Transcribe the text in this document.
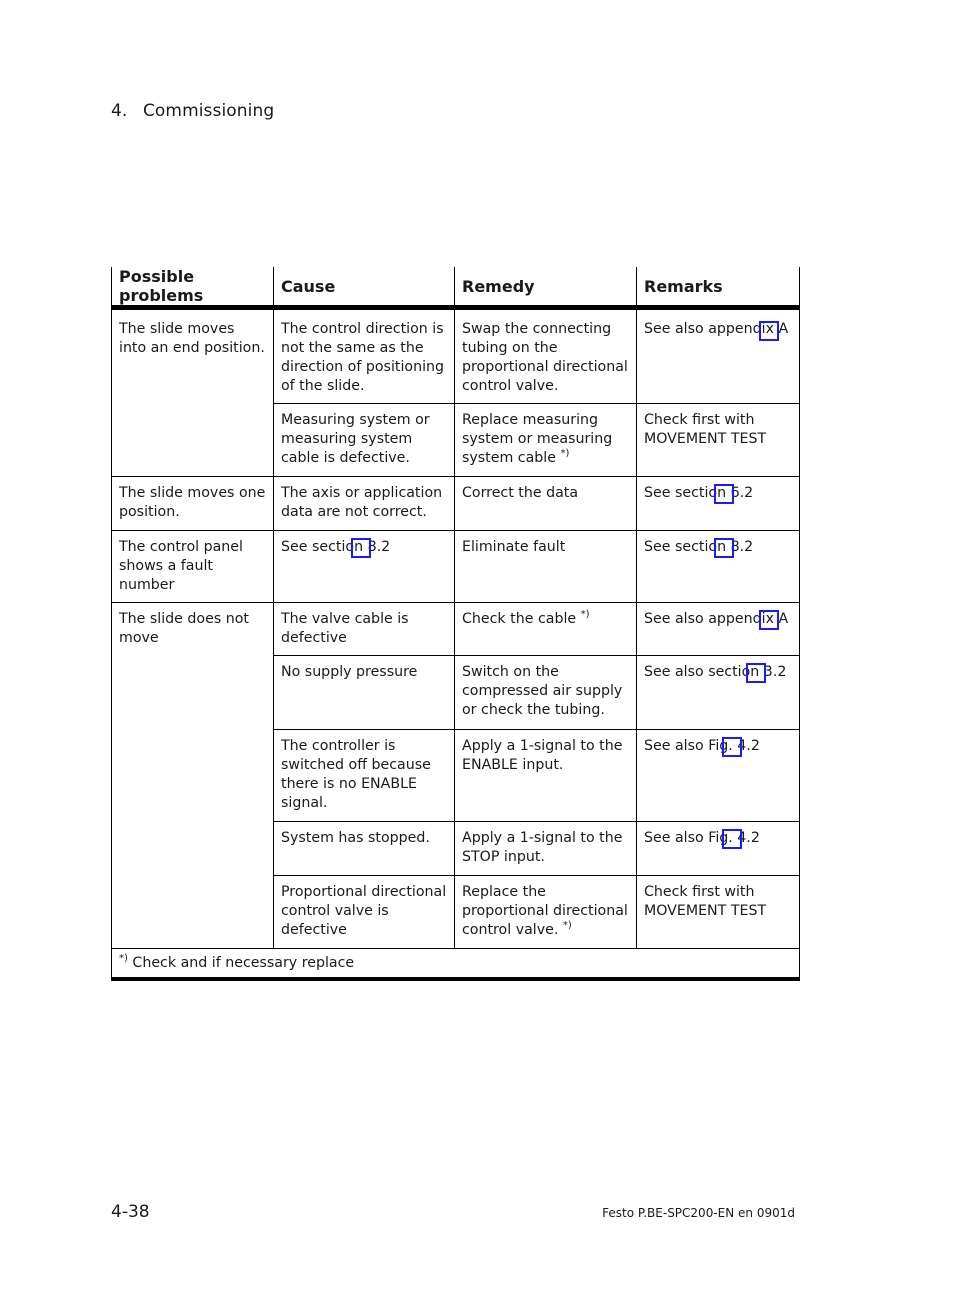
4. Commissioning
Possible problems	Cause	Remedy	Remarks
The slide moves into an end position.	The control direction is not the same as the direction of positioning of the slide.	Swap the connecting tubing on the proportional directional control valve.	See also appendix A

	Measuring system or measuring system cable is defective.	Replace measuring system or measuring system cable *)	Check first with MOVEMENT TEST
The slide moves one position.	The axis or application data are not correct.	Correct the data	See section 6.2

The control panel shows a fault number	See section 8.2	Eliminate fault	See section 8.2

The slide does not move	The valve cable is defective	Check the cable *)	See also appendix A

	No supply pressure	Switch on the compressed air supply or check the tubing.	See also section 3.2

	The controller is switched off because there is no ENABLE signal.	Apply a 1-signal to the ENABLE input.	See also Fig. 4.2

	System has stopped.	Apply a 1-signal to the STOP input.	See also Fig. 4.2

	Proportional directional control valve is defective	Replace the proportional directional control valve. *)	Check first with MOVEMENT TEST
*) Check and if necessary replace			
4-38	Festo P.BE-SPC200-EN en 0901d
